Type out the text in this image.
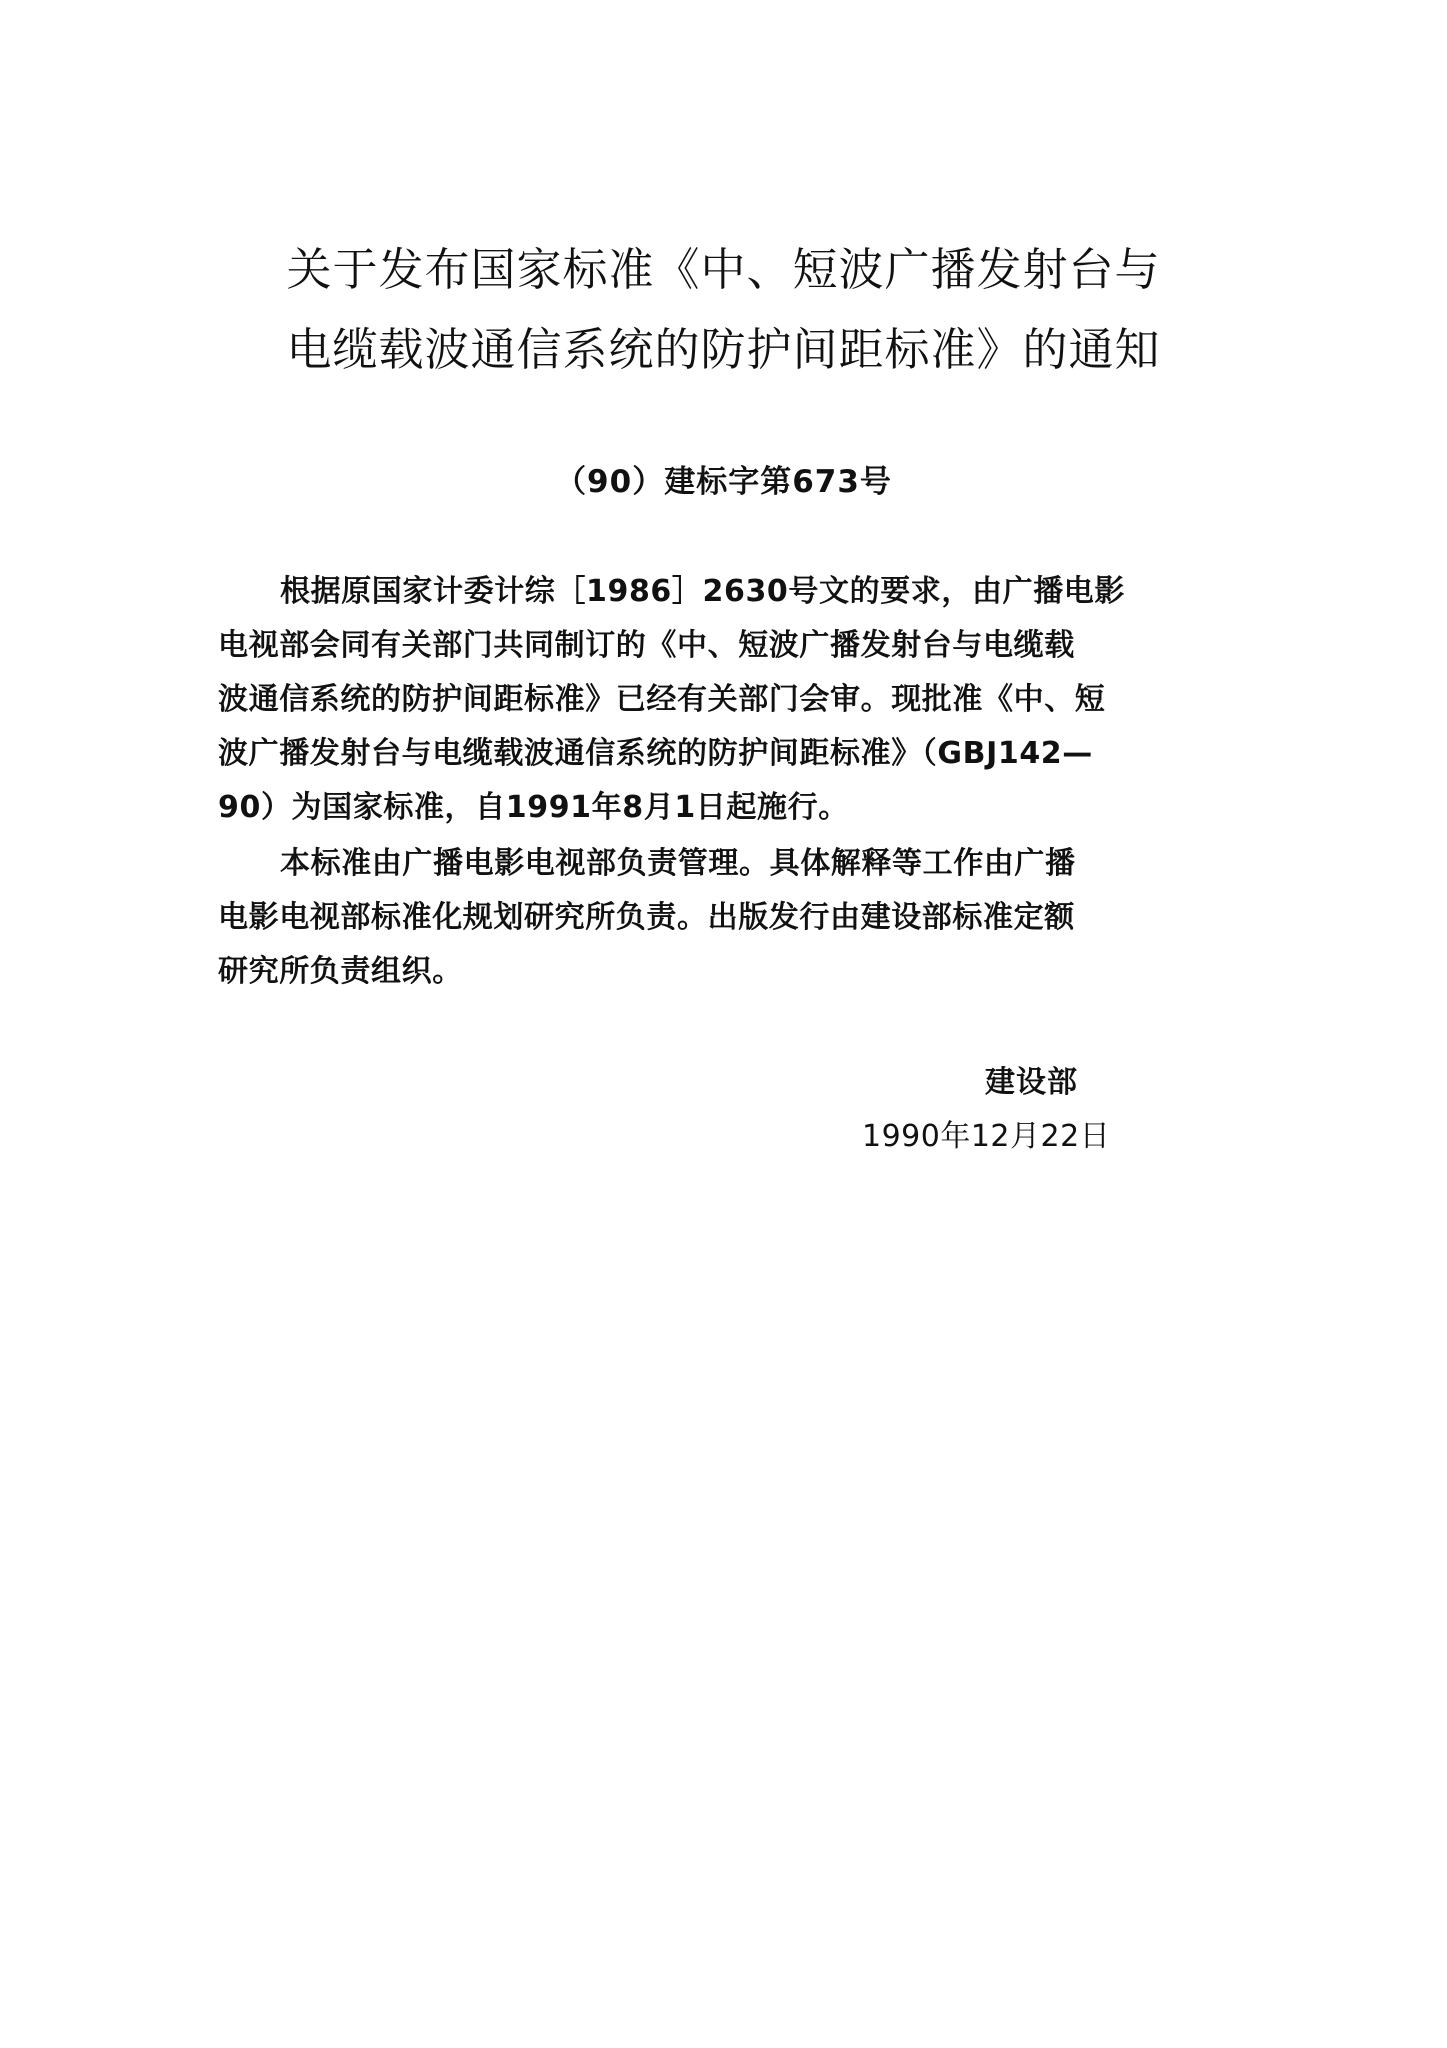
关于发布国家标准《中、短波广播发射台与
电缆载波通信系统的防护间距标准》的通知
（90）建标字第673号
根据原国家计委计综［1986］2630号文的要求，由广播电影
电视部会同有关部门共同制订的《中、短波广播发射台与电缆载
波通信系统的防护间距标准》已经有关部门会审。现批准《中、短
波广播发射台与电缆载波通信系统的防护间距标准》（GBJ142—
90）为国家标准，自1991年8月1日起施行。
本标准由广播电影电视部负责管理。具体解释等工作由广播
电影电视部标准化规划研究所负责。出版发行由建设部标准定额
研究所负责组织。
建设部
1990年12月22日
